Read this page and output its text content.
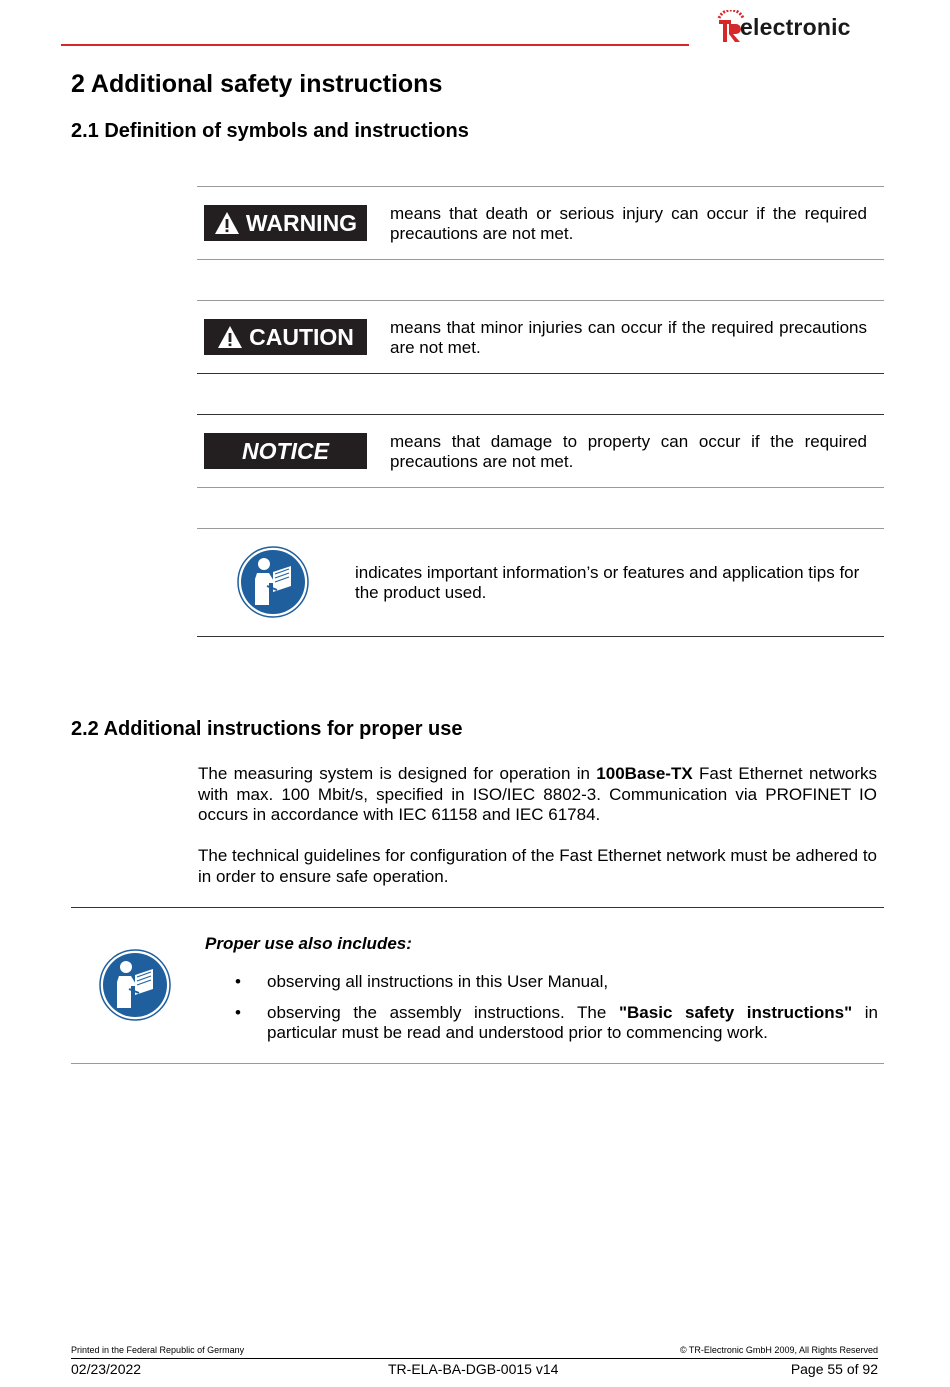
electronic
2 Additional safety instructions
2.1 Definition of symbols and instructions
WARNING means that death or serious injury can occur if the required precautions are not met.
CAUTION means that minor injuries can occur if the required precautions are not met.
NOTICE	means that damage to property can occur if the required precautions are not met.
indicates important information’s or features and application tips for the product used.
2.2 Additional instructions for proper use
The measuring system is designed for operation in 100Base-TX Fast Ethernet networks with max. 100 Mbit/s, specified in ISO/IEC 8802-3. Communication via PROFINET IO occurs in accordance with IEC 61158 and IEC 61784.
The technical guidelines for configuration of the Fast Ethernet network must be adhered to in order to ensure safe operation.
Proper use also includes:
• observing all instructions in this User Manual,
• observing the assembly instructions. The "Basic safety instructions" in particular must be read and understood prior to commencing work.
Printed in the Federal Republic of Germany	© TR-Electronic GmbH 2009, All Rights Reserved
02/23/2022	TR-ELA-BA-DGB-0015 v14	Page 55 of 92
